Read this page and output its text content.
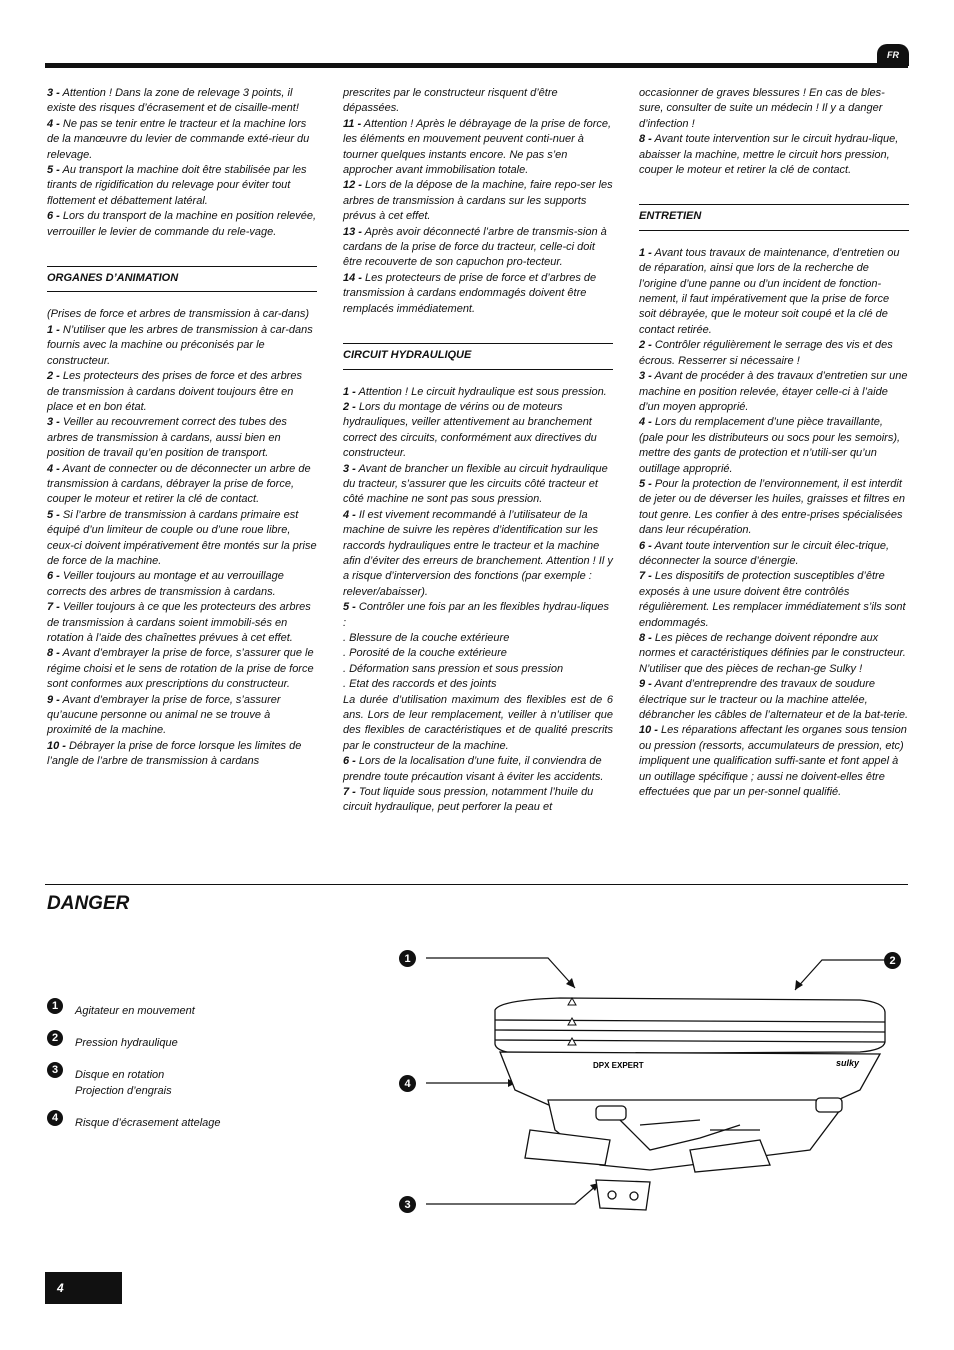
FR

3 - Attention ! Dans la zone de relevage 3 points, il existe des risques d’écrasement et de cisaille-ment!

4 - Ne pas se tenir entre le tracteur et la machine lors de la manœuvre du levier de commande exté-rieur du relevage.

5 - Au transport la machine doit être stabilisée par les tirants de rigidification du relevage pour éviter tout flottement et débattement latéral.

6 - Lors du transport de la machine en position relevée, verrouiller le levier de commande du rele-vage.

ORGANES D’ANIMATION

(Prises de force et arbres de transmission à car-dans)

1 - N’utiliser que les arbres de transmission à car-dans fournis avec la machine ou préconisés par le constructeur.

2 - Les protecteurs des prises de force et des arbres de transmission à cardans doivent toujours être en place et en bon état.

3 - Veiller au recouvrement correct des tubes des arbres de transmission à cardans, aussi bien en position de travail qu’en position de transport.

4 - Avant de connecter ou de déconnecter un arbre de transmission à cardans, débrayer la prise de force, couper le moteur et retirer la clé de contact.

5 - Si l’arbre de transmission à cardans primaire est équipé d’un limiteur de couple ou d’une roue libre, ceux-ci doivent impérativement être montés sur la prise de force de la machine.

6 - Veiller toujours au montage et au verrouillage corrects des arbres de transmission à cardans.

7 - Veiller toujours à ce que les protecteurs des arbres de transmission à cardans soient immobili-sés en rotation à l’aide des chaînettes prévues à cet effet.

8 - Avant d’embrayer la prise de force, s’assurer que le régime choisi et le sens de rotation de la prise de force sont conformes aux prescriptions du constructeur.

9 - Avant d’embrayer la prise de force, s’assurer qu’aucune personne ou animal ne se trouve à proximité de la machine.

10 - Débrayer la prise de force lorsque les limites de l’angle de l’arbre de transmission à cardans

prescrites par le constructeur risquent d’être dépassées.

11 - Attention ! Après le débrayage de la prise de force, les éléments en mouvement peuvent conti-nuer à tourner quelques instants encore. Ne pas s’en approcher avant immobilisation totale.

12 - Lors de la dépose de la machine, faire repo-ser les arbres de transmission à cardans sur les supports prévus à cet effet.

13 - Après avoir déconnecté l’arbre de transmis-sion à cardans de la prise de force du tracteur, celle-ci doit être recouverte de son capuchon pro-tecteur.

14 - Les protecteurs de prise de force et d’arbres de transmission à cardans endommagés doivent être remplacés immédiatement.

CIRCUIT HYDRAULIQUE

1 - Attention ! Le circuit hydraulique est sous pression.

2 - Lors du montage de vérins ou de moteurs hydrauliques, veiller attentivement au branchement correct des circuits, conformément aux directives du constructeur.

3 - Avant de brancher un flexible au circuit hydraulique du tracteur, s’assurer que les circuits côté tracteur et côté machine ne sont pas sous pression.

4 - Il est vivement recommandé à l’utilisateur de la machine de suivre les repères d’identification sur les raccords hydrauliques entre le tracteur et la machine afin d’éviter des erreurs de branchement. Attention ! Il y a risque d’interversion des fonctions (par exemple : relever/abaisser).

5 - Contrôler une fois par an les flexibles hydrau-liques :

. Blessure de la couche extérieure

. Porosité de la couche extérieure

. Déformation sans pression et sous pression

. Etat des raccords et des joints

La durée d’utilisation maximum des flexibles est de 6 ans. Lors de leur remplacement, veiller à n’utiliser que des flexibles de caractéristiques et de qualité prescrits par le constructeur de la machine.

6 - Lors de la localisation d’une fuite, il conviendra de prendre toute précaution visant à éviter les accidents.

7 - Tout liquide sous pression, notamment l’huile du circuit hydraulique, peut perforer la peau et

occasionner de graves blessures ! En cas de bles-sure, consulter de suite un médecin ! Il y a danger d’infection !

8 - Avant toute intervention sur le circuit hydrau-lique, abaisser la machine, mettre le circuit hors pression, couper le moteur et retirer la clé de contact.

ENTRETIEN

1 - Avant tous travaux de maintenance, d’entretien ou de réparation, ainsi que lors de la recherche de l’origine d’une panne ou d’un incident de fonction-nement, il faut impérativement que la prise de force soit débrayée, que le moteur soit coupé et la clé de contact retirée.

2 - Contrôler régulièrement le serrage des vis et des écrous. Resserrer si nécessaire !

3 - Avant de procéder à des travaux d’entretien sur une machine en position relevée, étayer celle-ci à l’aide d’un moyen approprié.

4 - Lors du remplacement d’une pièce travaillante, (pale pour les distributeurs ou socs pour les semoirs), mettre des gants de protection et n’utili-ser qu’un outillage approprié.

5 - Pour la protection de l’environnement, il est interdit de jeter ou de déverser les huiles, graisses et filtres en tout genre. Les confier à des entre-prises spécialisées dans leur récupération.

6 - Avant toute intervention sur le circuit élec-trique, déconnecter la source d’énergie.

7 - Les dispositifs de protection susceptibles d’être exposés à une usure doivent être contrôlés régulièrement. Les remplacer immédiatement s’ils sont endommagés.

8 - Les pièces de rechange doivent répondre aux normes et caractéristiques définies par le constructeur. N’utiliser que des pièces de rechan-ge Sulky !

9 - Avant d’entreprendre des travaux de soudure électrique sur le tracteur ou la machine attelée, débrancher les câbles de l’alternateur et de la bat-terie.

10 - Les réparations affectant les organes sous tension ou pression (ressorts, accumulateurs de pression, etc) impliquent une qualification suffi-sante et font appel à un outillage spécifique ; aussi ne doivent-elles être effectuées que par un per-sonnel qualifié.

DANGER
1	Agitateur en mouvement
2	Pression hydraulique
3	Disque en rotation
Projection d’engrais
4	Risque d’écrasement attelage
1	2
4
3
DPX EXPERT	sulky
4
